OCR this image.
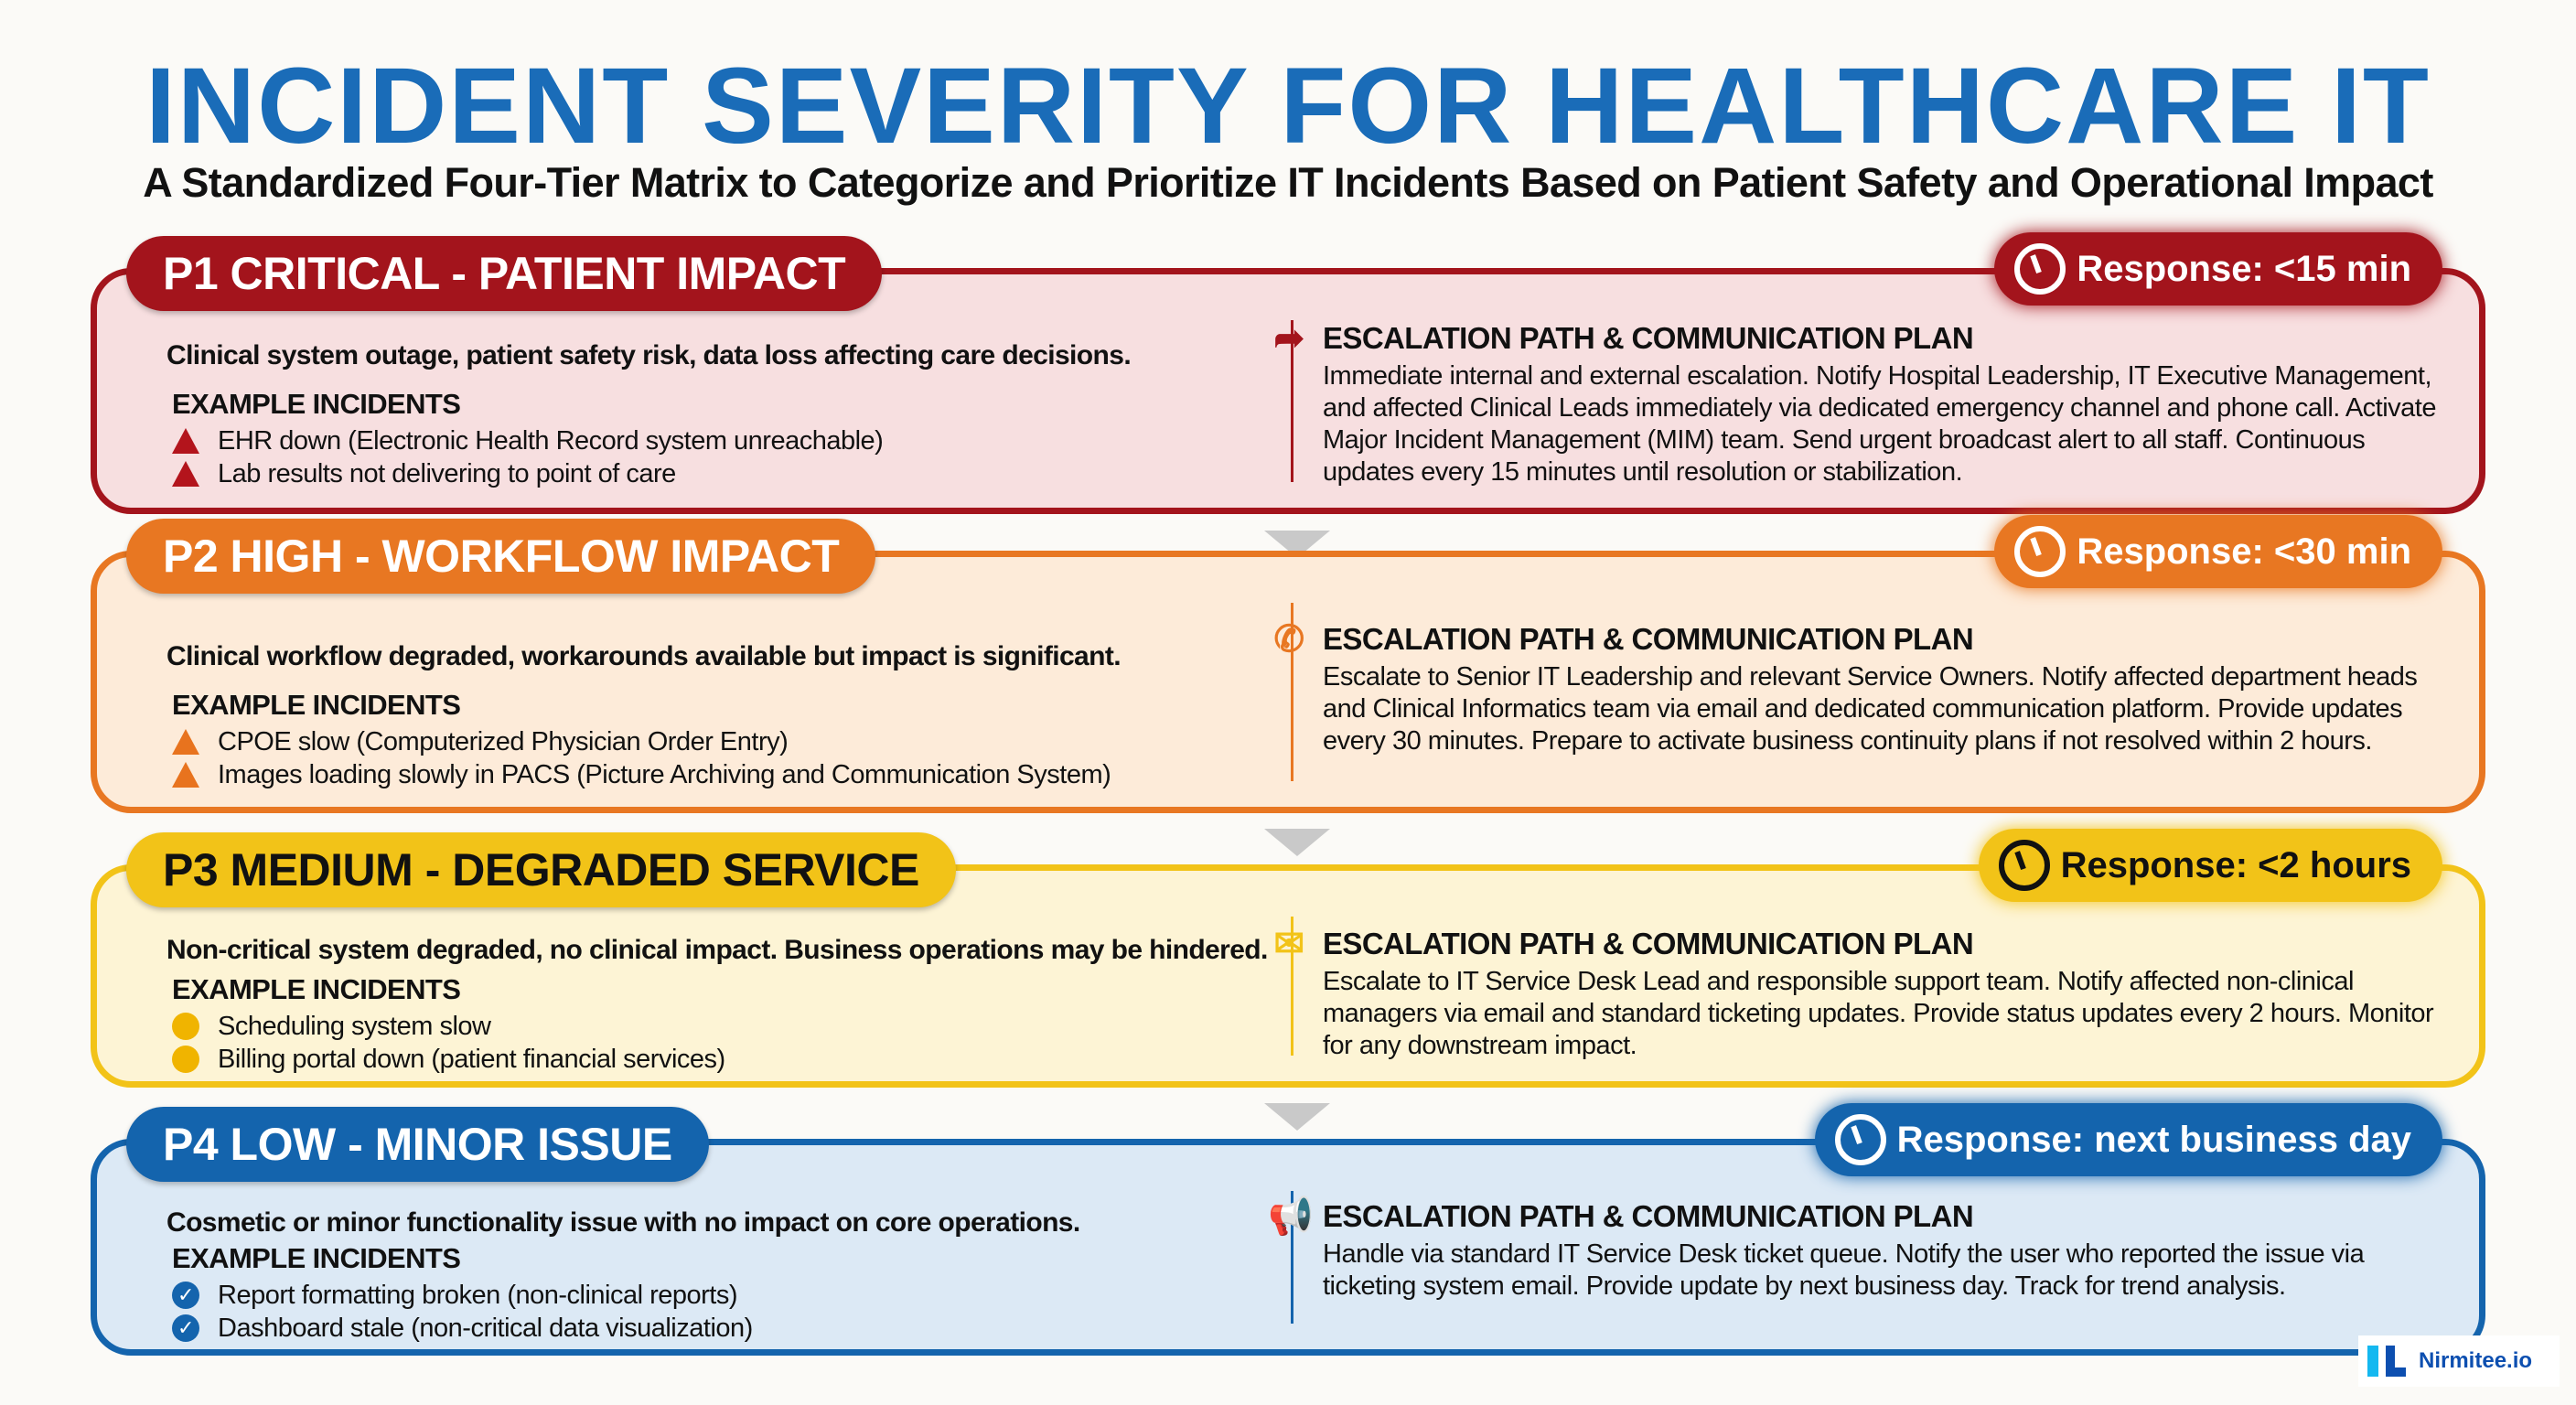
INCIDENT SEVERITY FOR HEALTHCARE IT
A Standardized Four-Tier Matrix to Categorize and Prioritize IT Incidents Based on Patient Safety and Operational Impact
P1 CRITICAL - PATIENT IMPACT	Response: <15 min
Clinical system outage, patient safety risk, data loss affecting care decisions.
EXAMPLE INCIDENTS
EHR down (Electronic Health Record system unreachable)
Lab results not delivering to point of care
➦ ESCALATION PATH & COMMUNICATION PLAN
Immediate internal and external escalation. Notify Hospital Leadership, IT Executive Management, and affected Clinical Leads immediately via dedicated emergency channel and phone call. Activate Major Incident Management (MIM) team. Send urgent broadcast alert to all staff. Continuous updates every 15 minutes until resolution or stabilization.
P2 HIGH - WORKFLOW IMPACT	Response: <30 min
Clinical workflow degraded, workarounds available but impact is significant.
EXAMPLE INCIDENTS
CPOE slow (Computerized Physician Order Entry)
Images loading slowly in PACS (Picture Archiving and Communication System)
✆ ESCALATION PATH & COMMUNICATION PLAN
Escalate to Senior IT Leadership and relevant Service Owners. Notify affected department heads and Clinical Informatics team via email and dedicated communication platform. Provide updates every 30 minutes. Prepare to activate business continuity plans if not resolved within 2 hours.
P3 MEDIUM - DEGRADED SERVICE	Response: <2 hours
Non-critical system degraded, no clinical impact. Business operations may be hindered.
EXAMPLE INCIDENTS
Scheduling system slow
Billing portal down (patient financial services)
✉ ESCALATION PATH & COMMUNICATION PLAN
Escalate to IT Service Desk Lead and responsible support team. Notify affected non-clinical managers via email and standard ticketing updates. Provide status updates every 2 hours. Monitor for any downstream impact.
P4 LOW - MINOR ISSUE	Response: next business day
Cosmetic or minor functionality issue with no impact on core operations.
EXAMPLE INCIDENTS
✓ Report formatting broken (non-clinical reports)
✓ Dashboard stale (non-critical data visualization)
📢 ESCALATION PATH & COMMUNICATION PLAN
Handle via standard IT Service Desk ticket queue. Notify the user who reported the issue via ticketing system email. Provide update by next business day. Track for trend analysis.
Nirmitee.io
